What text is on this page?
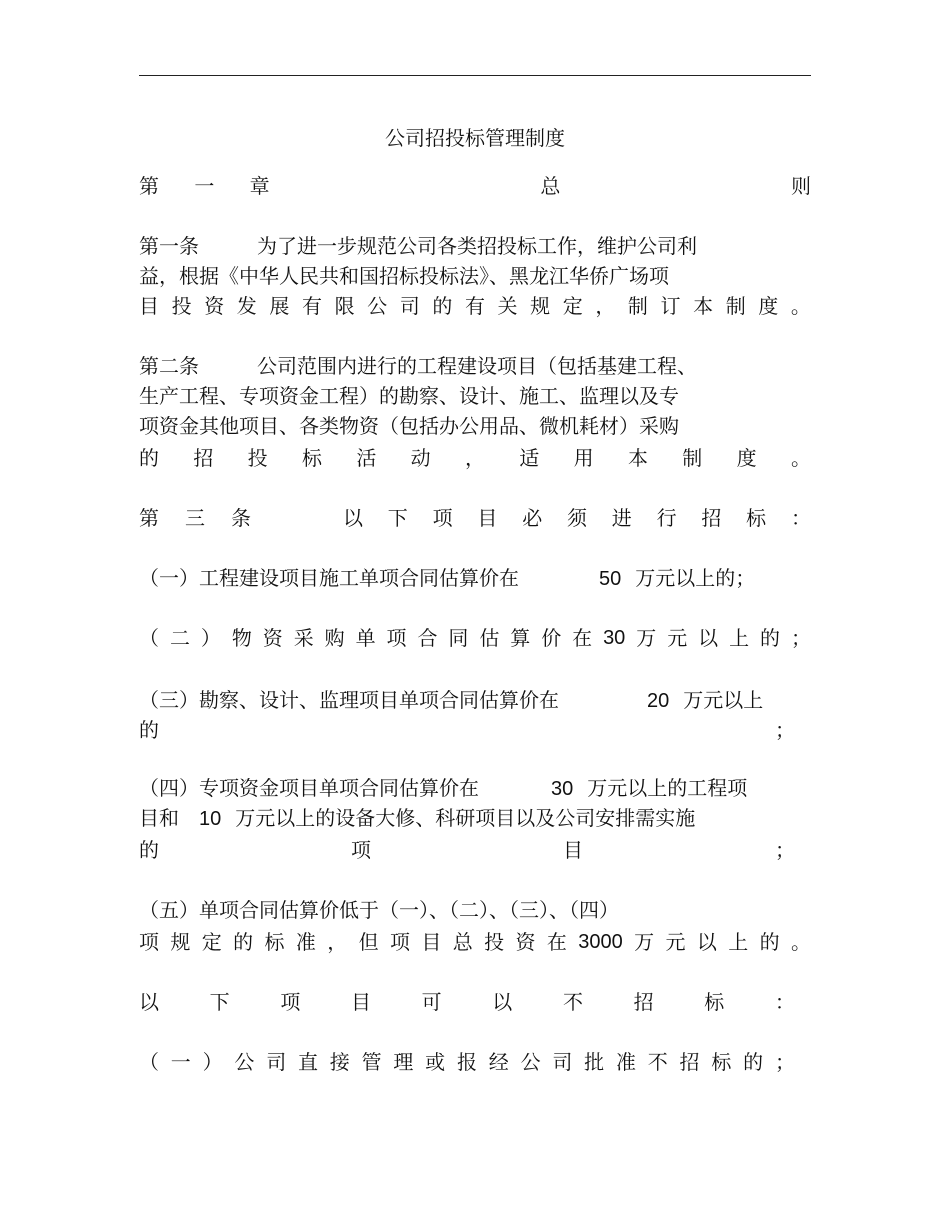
公司招投标管理制度
第 一 章	总	则
第一条	为了进一步规范公司各类招投标工作，维护公司利
益，根据《中华人民共和国招标投标法》、黑龙江华侨广场项
目 投 资 发 展 有 限 公 司 的 有 关 规 定 ， 制 订 本 制 度 。
第二条	公司范围内进行的工程建设项目（包括基建工程、
生产工程、专项资金工程）的勘察、设计、施工、监理以及专
项资金其他项目、各类物资（包括办公用品、微机耗材）采购
的 招 投 标 活 动 ， 适 用 本 制 度 。
第 三 条	以 下 项 目 必 须 进 行 招 标 ：
（一）工程建设项目施工单项合同估算价在	50 万元以上的；
（ 二 ） 物 资 采 购 单 项 合 同 估 算 价 在 30 万 元 以 上 的 ；
（三）勘察、设计、监理项目单项合同估算价在	20 万元以上
的	；
（四）专项资金项目单项合同估算价在	30 万元以上的工程项
目和 10 万元以上的设备大修、科研项目以及公司安排需实施
的	项	目	；
（五）单项合同估算价低于（一）、（二）、（三）、（四）
项 规 定 的 标 准 ， 但 项 目 总 投 资 在 3000 万 元 以 上 的 。
以	下	项	目	可	以	不	招	标	：
（ 一 ） 公 司 直 接 管 理 或 报 经 公 司 批 准 不 招 标 的 ；
